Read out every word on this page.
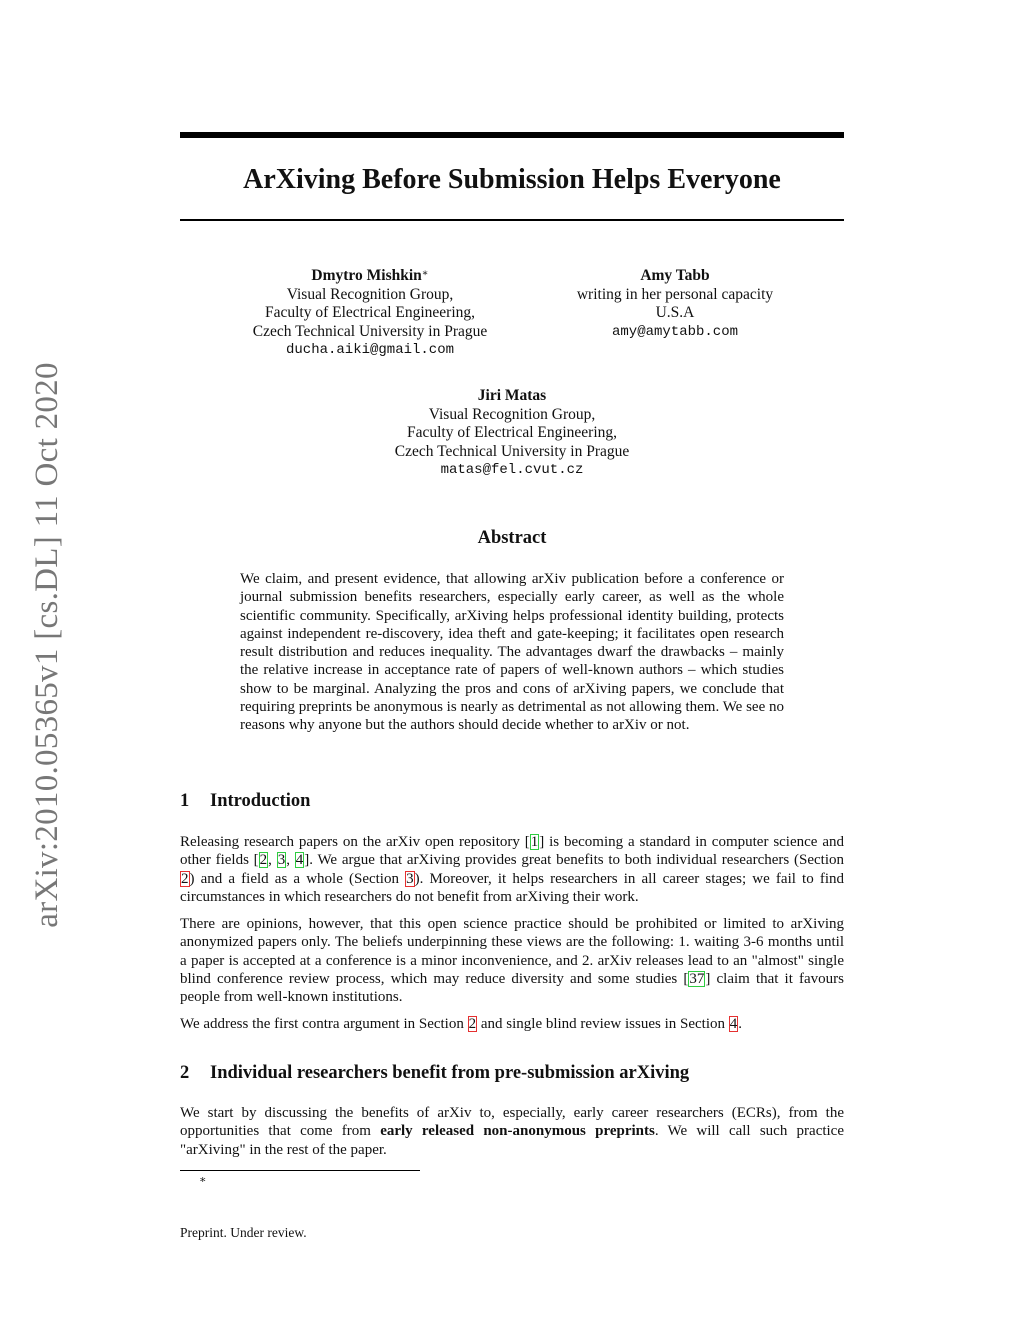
arXiv:2010.05365v1 [cs.DL] 11 Oct 2020
ArXiving Before Submission Helps Everyone
Dmytro Mishkin∗
Visual Recognition Group,
Faculty of Electrical Engineering,
Czech Technical University in Prague
ducha.aiki@gmail.com
Amy Tabb
writing in her personal capacity
U.S.A
amy@amytabb.com
Jiri Matas
Visual Recognition Group,
Faculty of Electrical Engineering,
Czech Technical University in Prague
matas@fel.cvut.cz
Abstract

We claim, and present evidence, that allowing arXiv publication before a conference or journal submission benefits researchers, especially early career, as well as the whole scientific community. Specifically, arXiving helps professional identity building, protects against independent re-discovery, idea theft and gate-keeping; it facilitates open research result distribution and reduces inequality. The advantages dwarf the drawbacks – mainly the relative increase in acceptance rate of papers of well-known authors – which studies show to be marginal. Analyzing the pros and cons of arXiving papers, we conclude that requiring preprints be anonymous is nearly as detrimental as not allowing them. We see no reasons why anyone but the authors should decide whether to arXiv or not.

1 Introduction

Releasing research papers on the arXiv open repository [1] is becoming a standard in computer science and other fields [2, 3, 4]. We argue that arXiving provides great benefits to both individual researchers (Section 2) and a field as a whole (Section 3). Moreover, it helps researchers in all career stages; we fail to find circumstances in which researchers do not benefit from arXiving their work.

There are opinions, however, that this open science practice should be prohibited or limited to arXiving anonymized papers only. The beliefs underpinning these views are the following: 1. waiting 3-6 months until a paper is accepted at a conference is a minor inconvenience, and 2. arXiv releases lead to an "almost" single blind conference review process, which may reduce diversity and some studies [37] claim that it favours people from well-known institutions.

We address the first contra argument in Section 2 and single blind review issues in Section 4.

2 Individual researchers benefit from pre-submission arXiving

We start by discussing the benefits of arXiv to, especially, early career researchers (ECRs), from the opportunities that come from early released non-anonymous preprints. We will call such practice "arXiving" in the rest of the paper.

∗
Preprint. Under review.
